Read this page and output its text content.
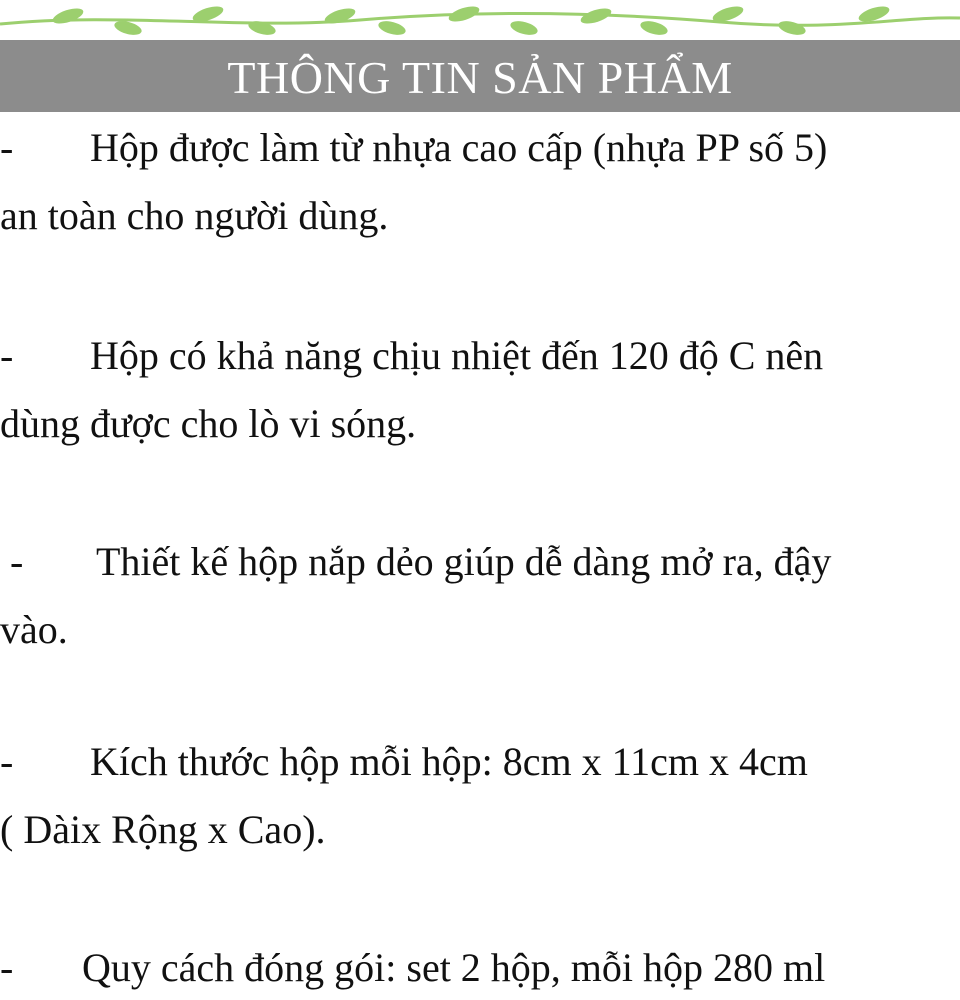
THÔNG TIN SẢN PHẨM
- Hộp được làm từ nhựa cao cấp (nhựa PP số 5)
an toàn cho người dùng.
- Hộp có khả năng chịu nhiệt đến 120 độ C nên
dùng được cho lò vi sóng.
- Thiết kế hộp nắp dẻo giúp dễ dàng mở ra, đậy
vào.
- Kích thước hộp mỗi hộp: 8cm x 11cm x 4cm
( Dàix Rộng x Cao).
- Quy cách đóng gói: set 2 hộp, mỗi hộp 280 ml
